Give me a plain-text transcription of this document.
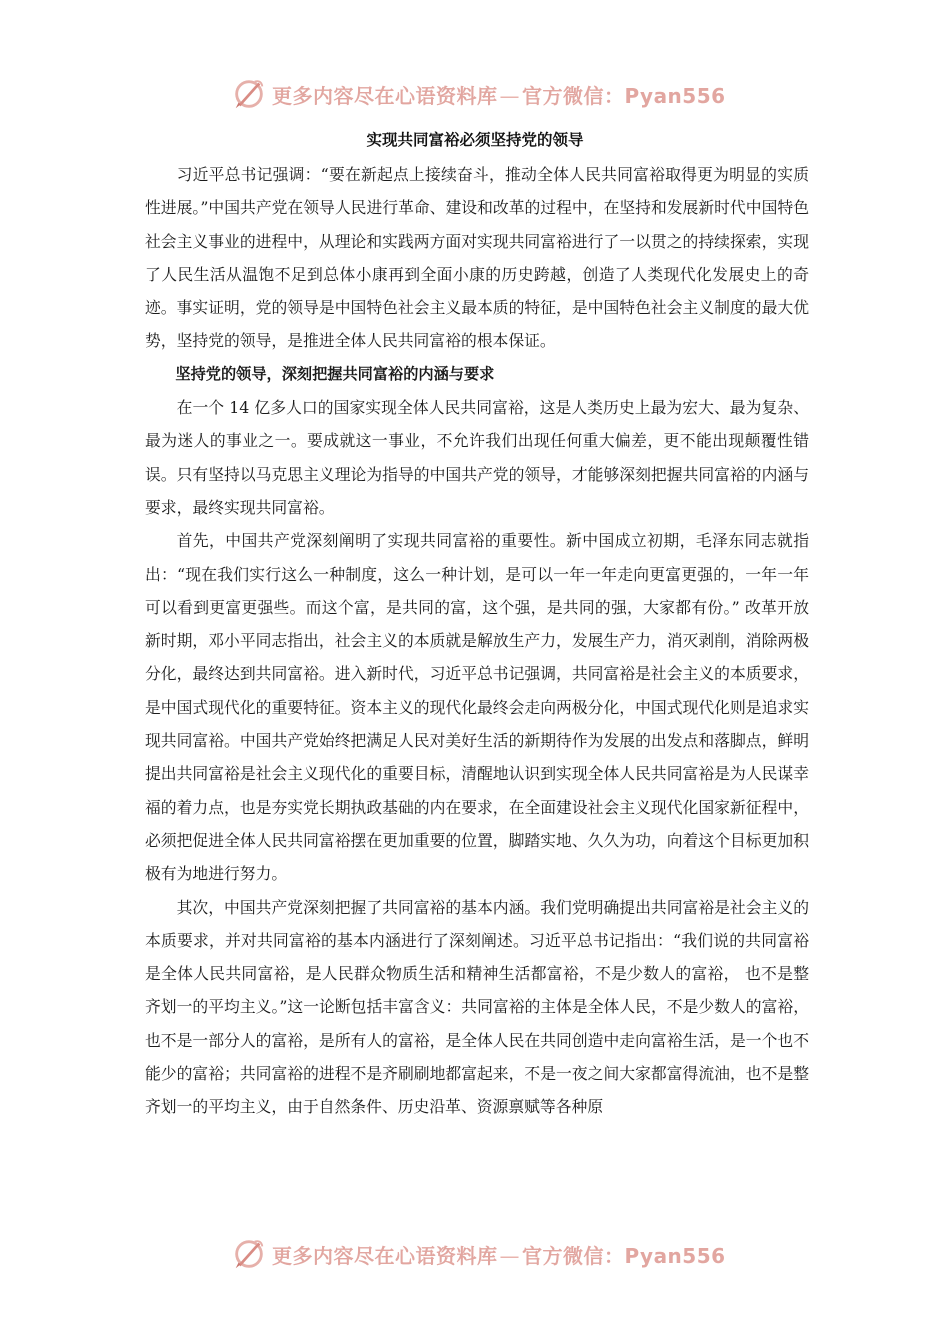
更多内容尽在心语资料库 — 官方微信：Pyan556
实现共同富裕必须坚持党的领导

习近平总书记强调：“要在新起点上接续奋斗，推动全体人民共同富裕取得更为明显的实质性进展。”中国共产党在领导人民进行革命、建设和改革的过程中，在坚持和发展新时代中国特色社会主义事业的进程中，从理论和实践两方面对实现共同富裕进行了一以贯之的持续探索，实现了人民生活从温饱不足到总体小康再到全面小康的历史跨越，创造了人类现代化发展史上的奇迹。事实证明，党的领导是中国特色社会主义最本质的特征，是中国特色社会主义制度的最大优势，坚持党的领导，是推进全体人民共同富裕的根本保证。

坚持党的领导，深刻把握共同富裕的内涵与要求

在一个 14 亿多人口的国家实现全体人民共同富裕，这是人类历史上最为宏大、最为复杂、最为迷人的事业之一。要成就这一事业，不允许我们出现任何重大偏差，更不能出现颠覆性错误。只有坚持以马克思主义理论为指导的中国共产党的领导，才能够深刻把握共同富裕的内涵与要求，最终实现共同富裕。

首先，中国共产党深刻阐明了实现共同富裕的重要性。新中国成立初期，毛泽东同志就指出：“现在我们实行这么一种制度，这么一种计划，是可以一年一年走向更富更强的，一年一年可以看到更富更强些。而这个富，是共同的富，这个强，是共同的强，大家都有份。” 改革开放新时期，邓小平同志指出，社会主义的本质就是解放生产力，发展生产力，消灭剥削，消除两极分化，最终达到共同富裕。进入新时代，习近平总书记强调，共同富裕是社会主义的本质要求，是中国式现代化的重要特征。资本主义的现代化最终会走向两极分化，中国式现代化则是追求实现共同富裕。中国共产党始终把满足人民对美好生活的新期待作为发展的出发点和落脚点，鲜明提出共同富裕是社会主义现代化的重要目标，清醒地认识到实现全体人民共同富裕是为人民谋幸福的着力点，也是夯实党长期执政基础的内在要求，在全面建设社会主义现代化国家新征程中，必须把促进全体人民共同富裕摆在更加重要的位置，脚踏实地、久久为功，向着这个目标更加积极有为地进行努力。

其次，中国共产党深刻把握了共同富裕的基本内涵。我们党明确提出共同富裕是社会主义的本质要求，并对共同富裕的基本内涵进行了深刻阐述。习近平总书记指出：“我们说的共同富裕是全体人民共同富裕，是人民群众物质生活和精神生活都富裕，不是少数人的富裕， 也不是整齐划一的平均主义。”这一论断包括丰富含义：共同富裕的主体是全体人民，不是少数人的富裕，也不是一部分人的富裕，是所有人的富裕，是全体人民在共同创造中走向富裕生活，是一个也不能少的富裕；共同富裕的进程不是齐刷刷地都富起来，不是一夜之间大家都富得流油，也不是整齐划一的平均主义，由于自然条件、历史沿革、资源禀赋等各种原

更多内容尽在心语资料库 — 官方微信：Pyan556
